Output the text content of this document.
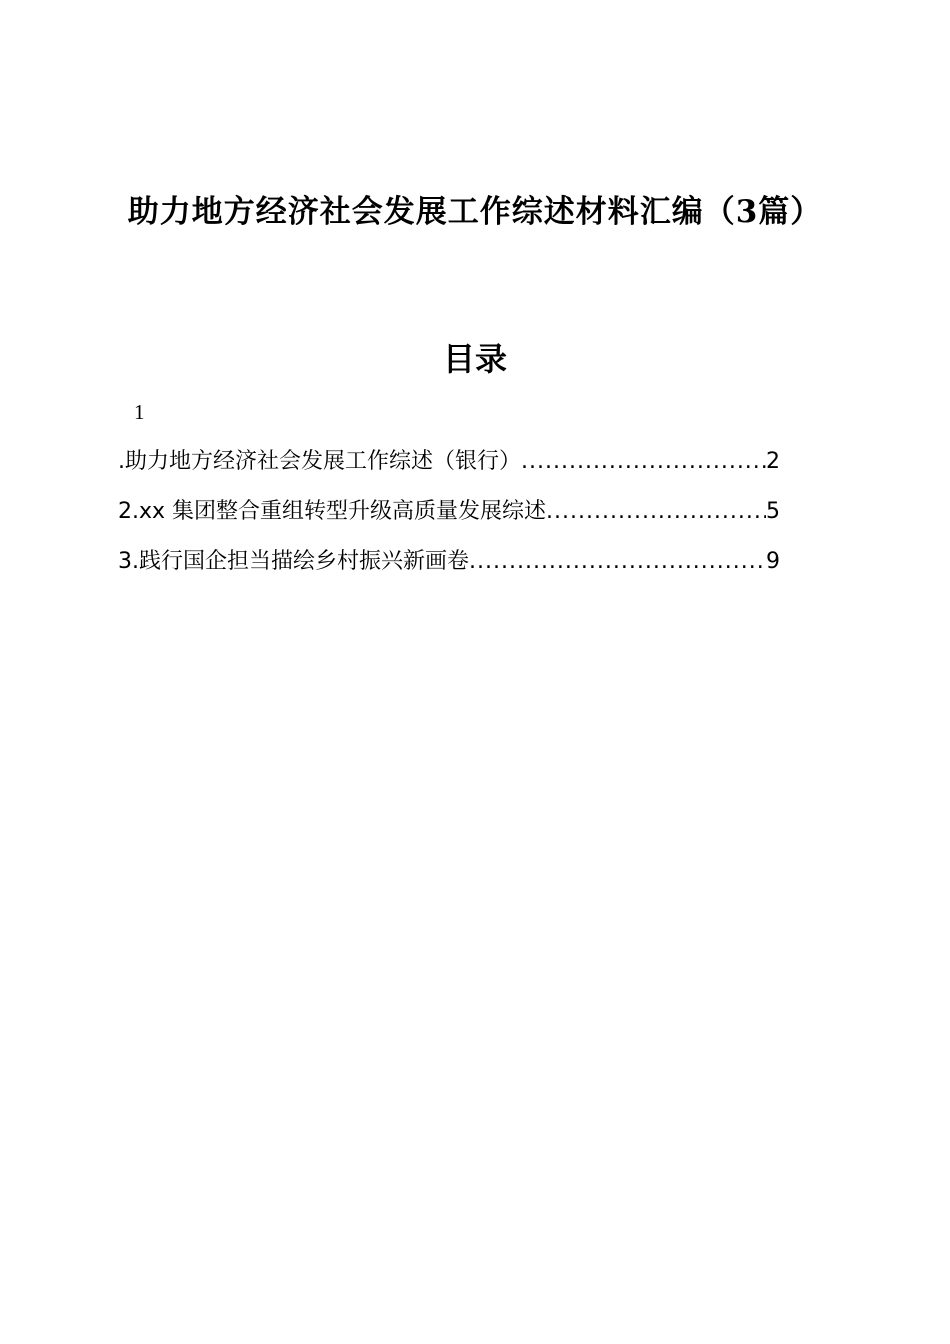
助力地方经济社会发展工作综述材料汇编（3篇）
目录
1
.助力地方经济社会发展工作综述（银行） .....	2
2.xx 集团整合重组转型升级高质量发展综述 .....	5
3.践行国企担当描绘乡村振兴新画卷 .....	9
